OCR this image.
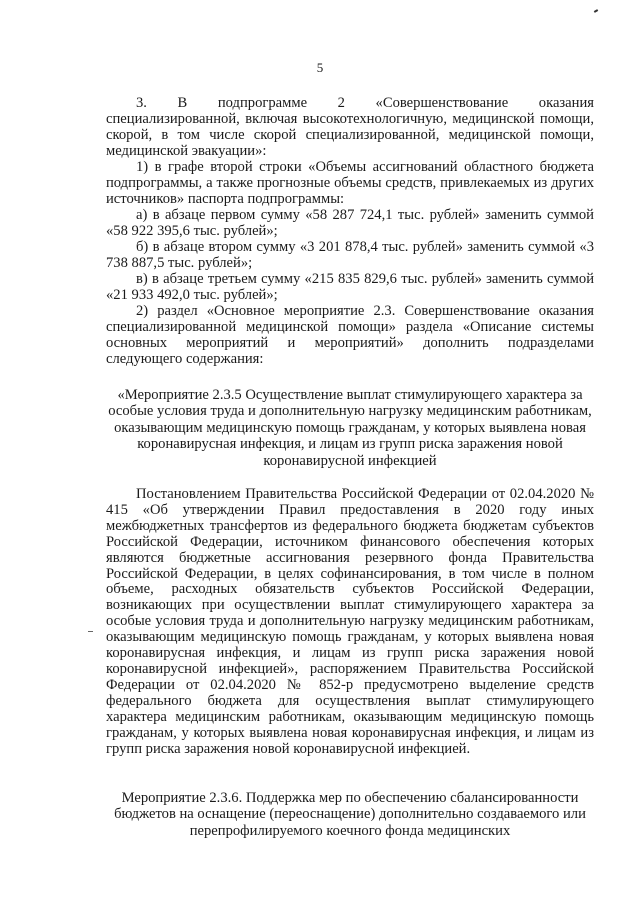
5
3. В подпрограмме 2 «Совершенствование оказания специализированной, включая высокотехнологичную, медицинской помощи, скорой, в том числе скорой специализированной, медицинской помощи, медицинской эвакуации»:
1) в графе второй строки «Объемы ассигнований областного бюджета подпрограммы, а также прогнозные объемы средств, привлекаемых из других источников» паспорта подпрограммы:
а) в абзаце первом сумму «58 287 724,1 тыс. рублей» заменить суммой «58 922 395,6 тыс. рублей»;
б) в абзаце втором сумму «3 201 878,4 тыс. рублей» заменить суммой «3 738 887,5 тыс. рублей»;
в) в абзаце третьем сумму «215 835 829,6 тыс. рублей» заменить суммой «21 933 492,0 тыс. рублей»;
2) раздел «Основное мероприятие 2.3. Совершенствование оказания специализированной медицинской помощи» раздела «Описание системы основных мероприятий и мероприятий» дополнить подразделами следующего содержания:
«Мероприятие 2.3.5 Осуществление выплат стимулирующего характера за особые условия труда и дополнительную нагрузку медицинским работникам, оказывающим медицинскую помощь гражданам, у которых выявлена новая коронавирусная инфекция, и лицам из групп риска заражения новой коронавирусной инфекцией
Постановлением Правительства Российской Федерации от 02.04.2020 № 415 «Об утверждении Правил предоставления в 2020 году иных межбюджетных трансфертов из федерального бюджета бюджетам субъектов Российской Федерации, источником финансового обеспечения которых являются бюджетные ассигнования резервного фонда Правительства Российской Федерации, в целях софинансирования, в том числе в полном объеме, расходных обязательств субъектов Российской Федерации, возникающих при осуществлении выплат стимулирующего характера за особые условия труда и дополнительную нагрузку медицинским работникам, оказывающим медицинскую помощь гражданам, у которых выявлена новая коронавирусная инфекция, и лицам из групп риска заражения новой коронавирусной инфекцией», распоряжением Правительства Российской Федерации от 02.04.2020 № 852-р предусмотрено выделение средств федерального бюджета для осуществления выплат стимулирующего характера медицинским работникам, оказывающим медицинскую помощь гражданам, у которых выявлена новая коронавирусная инфекция, и лицам из групп риска заражения новой коронавирусной инфекцией.
Мероприятие 2.3.6. Поддержка мер по обеспечению сбалансированности бюджетов на оснащение (переоснащение) дополнительно создаваемого или перепрофилируемого коечного фонда медицинских
